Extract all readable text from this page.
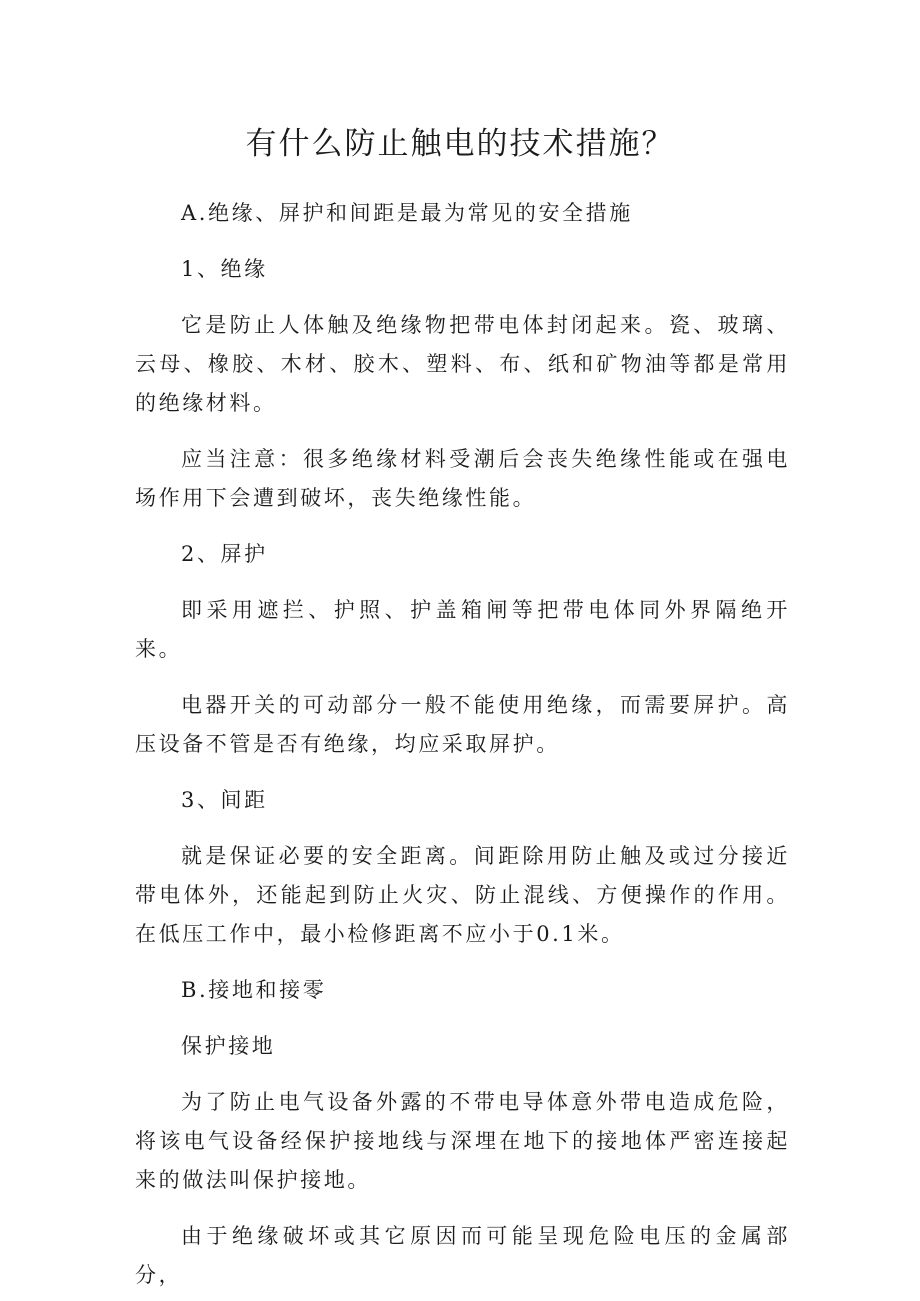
有什么防止触电的技术措施？

A.绝缘、屏护和间距是最为常见的安全措施

1、绝缘

它是防止人体触及绝缘物把带电体封闭起来。瓷、玻璃、云母、橡胶、木材、胶木、塑料、布、纸和矿物油等都是常用的绝缘材料。

应当注意：很多绝缘材料受潮后会丧失绝缘性能或在强电场作用下会遭到破坏，丧失绝缘性能。

2、屏护

即采用遮拦、护照、护盖箱闸等把带电体同外界隔绝开来。

电器开关的可动部分一般不能使用绝缘，而需要屏护。高压设备不管是否有绝缘，均应采取屏护。

3、间距

就是保证必要的安全距离。间距除用防止触及或过分接近带电体外，还能起到防止火灾、防止混线、方便操作的作用。在低压工作中，最小检修距离不应小于0.1米。

B.接地和接零

保护接地

为了防止电气设备外露的不带电导体意外带电造成危险，将该电气设备经保护接地线与深埋在地下的接地体严密连接起来的做法叫保护接地。

由于绝缘破坏或其它原因而可能呈现危险电压的金属部分，
